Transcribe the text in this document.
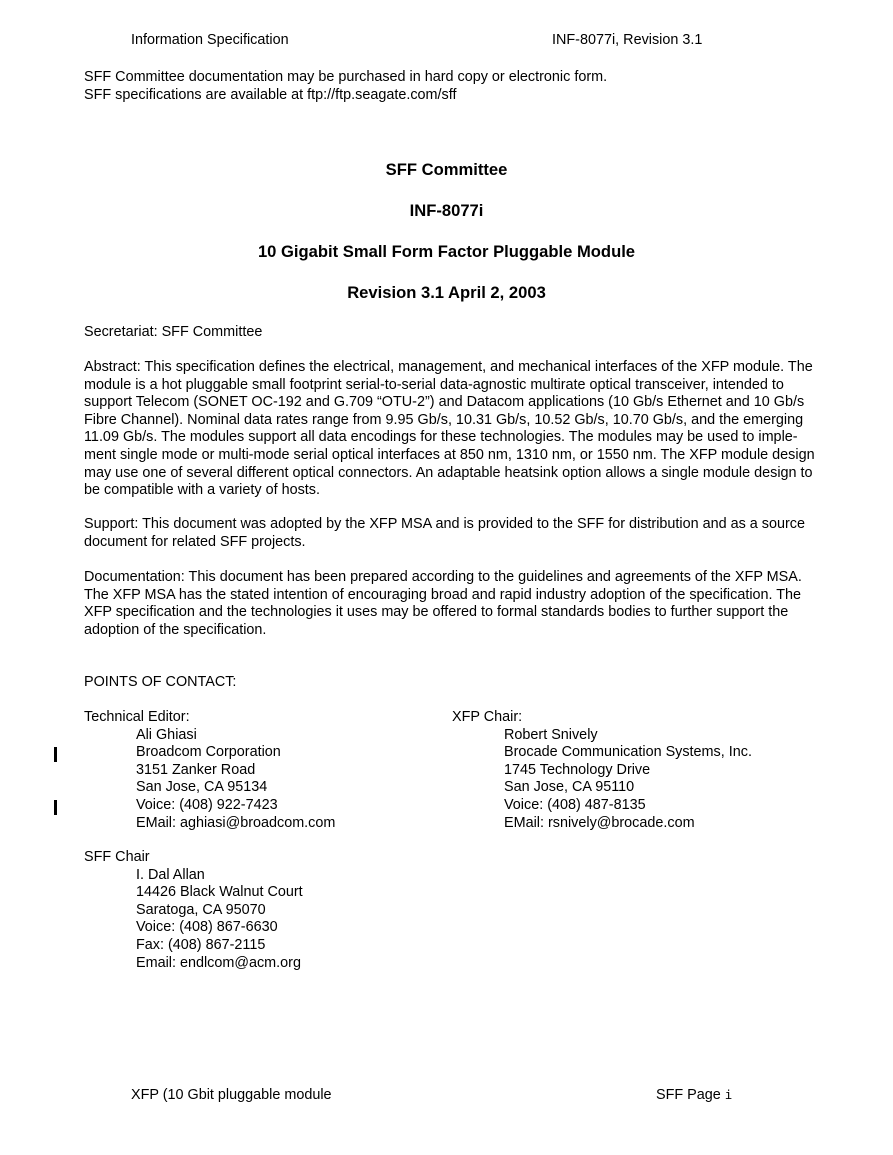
Information Specification	INF-8077i, Revision 3.1
SFF Committee documentation may be purchased in hard copy or electronic form.
SFF specifications are available at ftp://ftp.seagate.com/sff
SFF Committee
INF-8077i
10 Gigabit Small Form Factor Pluggable Module
Revision 3.1 April 2, 2003
Secretariat: SFF Committee
Abstract: This specification defines the electrical, management, and mechanical interfaces of the XFP module. The
module is a hot pluggable small footprint serial-to-serial data-agnostic multirate optical transceiver, intended to
support Telecom (SONET OC-192 and G.709 “OTU-2”) and Datacom applications (10 Gb/s Ethernet and 10 Gb/s
Fibre Channel). Nominal data rates range from 9.95 Gb/s, 10.31 Gb/s, 10.52 Gb/s, 10.70 Gb/s, and the emerging
11.09 Gb/s. The modules support all data encodings for these technologies. The modules may be used to imple-
ment single mode or multi-mode serial optical interfaces at 850 nm, 1310 nm, or 1550 nm. The XFP module design
may use one of several different optical connectors. An adaptable heatsink option allows a single module design to
be compatible with a variety of hosts.
Support: This document was adopted by the XFP MSA and is provided to the SFF for distribution and as a source
document for related SFF projects.
Documentation: This document has been prepared according to the guidelines and agreements of the XFP MSA.
The XFP MSA has the stated intention of encouraging broad and rapid industry adoption of the specification. The
XFP specification and the technologies it uses may be offered to formal standards bodies to further support the
adoption of the specification.
POINTS OF CONTACT:
Technical Editor:
Ali Ghiasi
Broadcom Corporation
3151 Zanker Road
San Jose, CA 95134
Voice: (408) 922-7423
EMail: aghiasi@broadcom.com
XFP Chair:
Robert Snively
Brocade Communication Systems, Inc.
1745 Technology Drive
San Jose, CA 95110
Voice: (408) 487-8135
EMail: rsnively@brocade.com
SFF Chair
I. Dal Allan
14426 Black Walnut Court
Saratoga, CA 95070
Voice: (408) 867-6630
Fax: (408) 867-2115
Email: endlcom@acm.org
XFP (10 Gbit pluggable module	SFF Page i
